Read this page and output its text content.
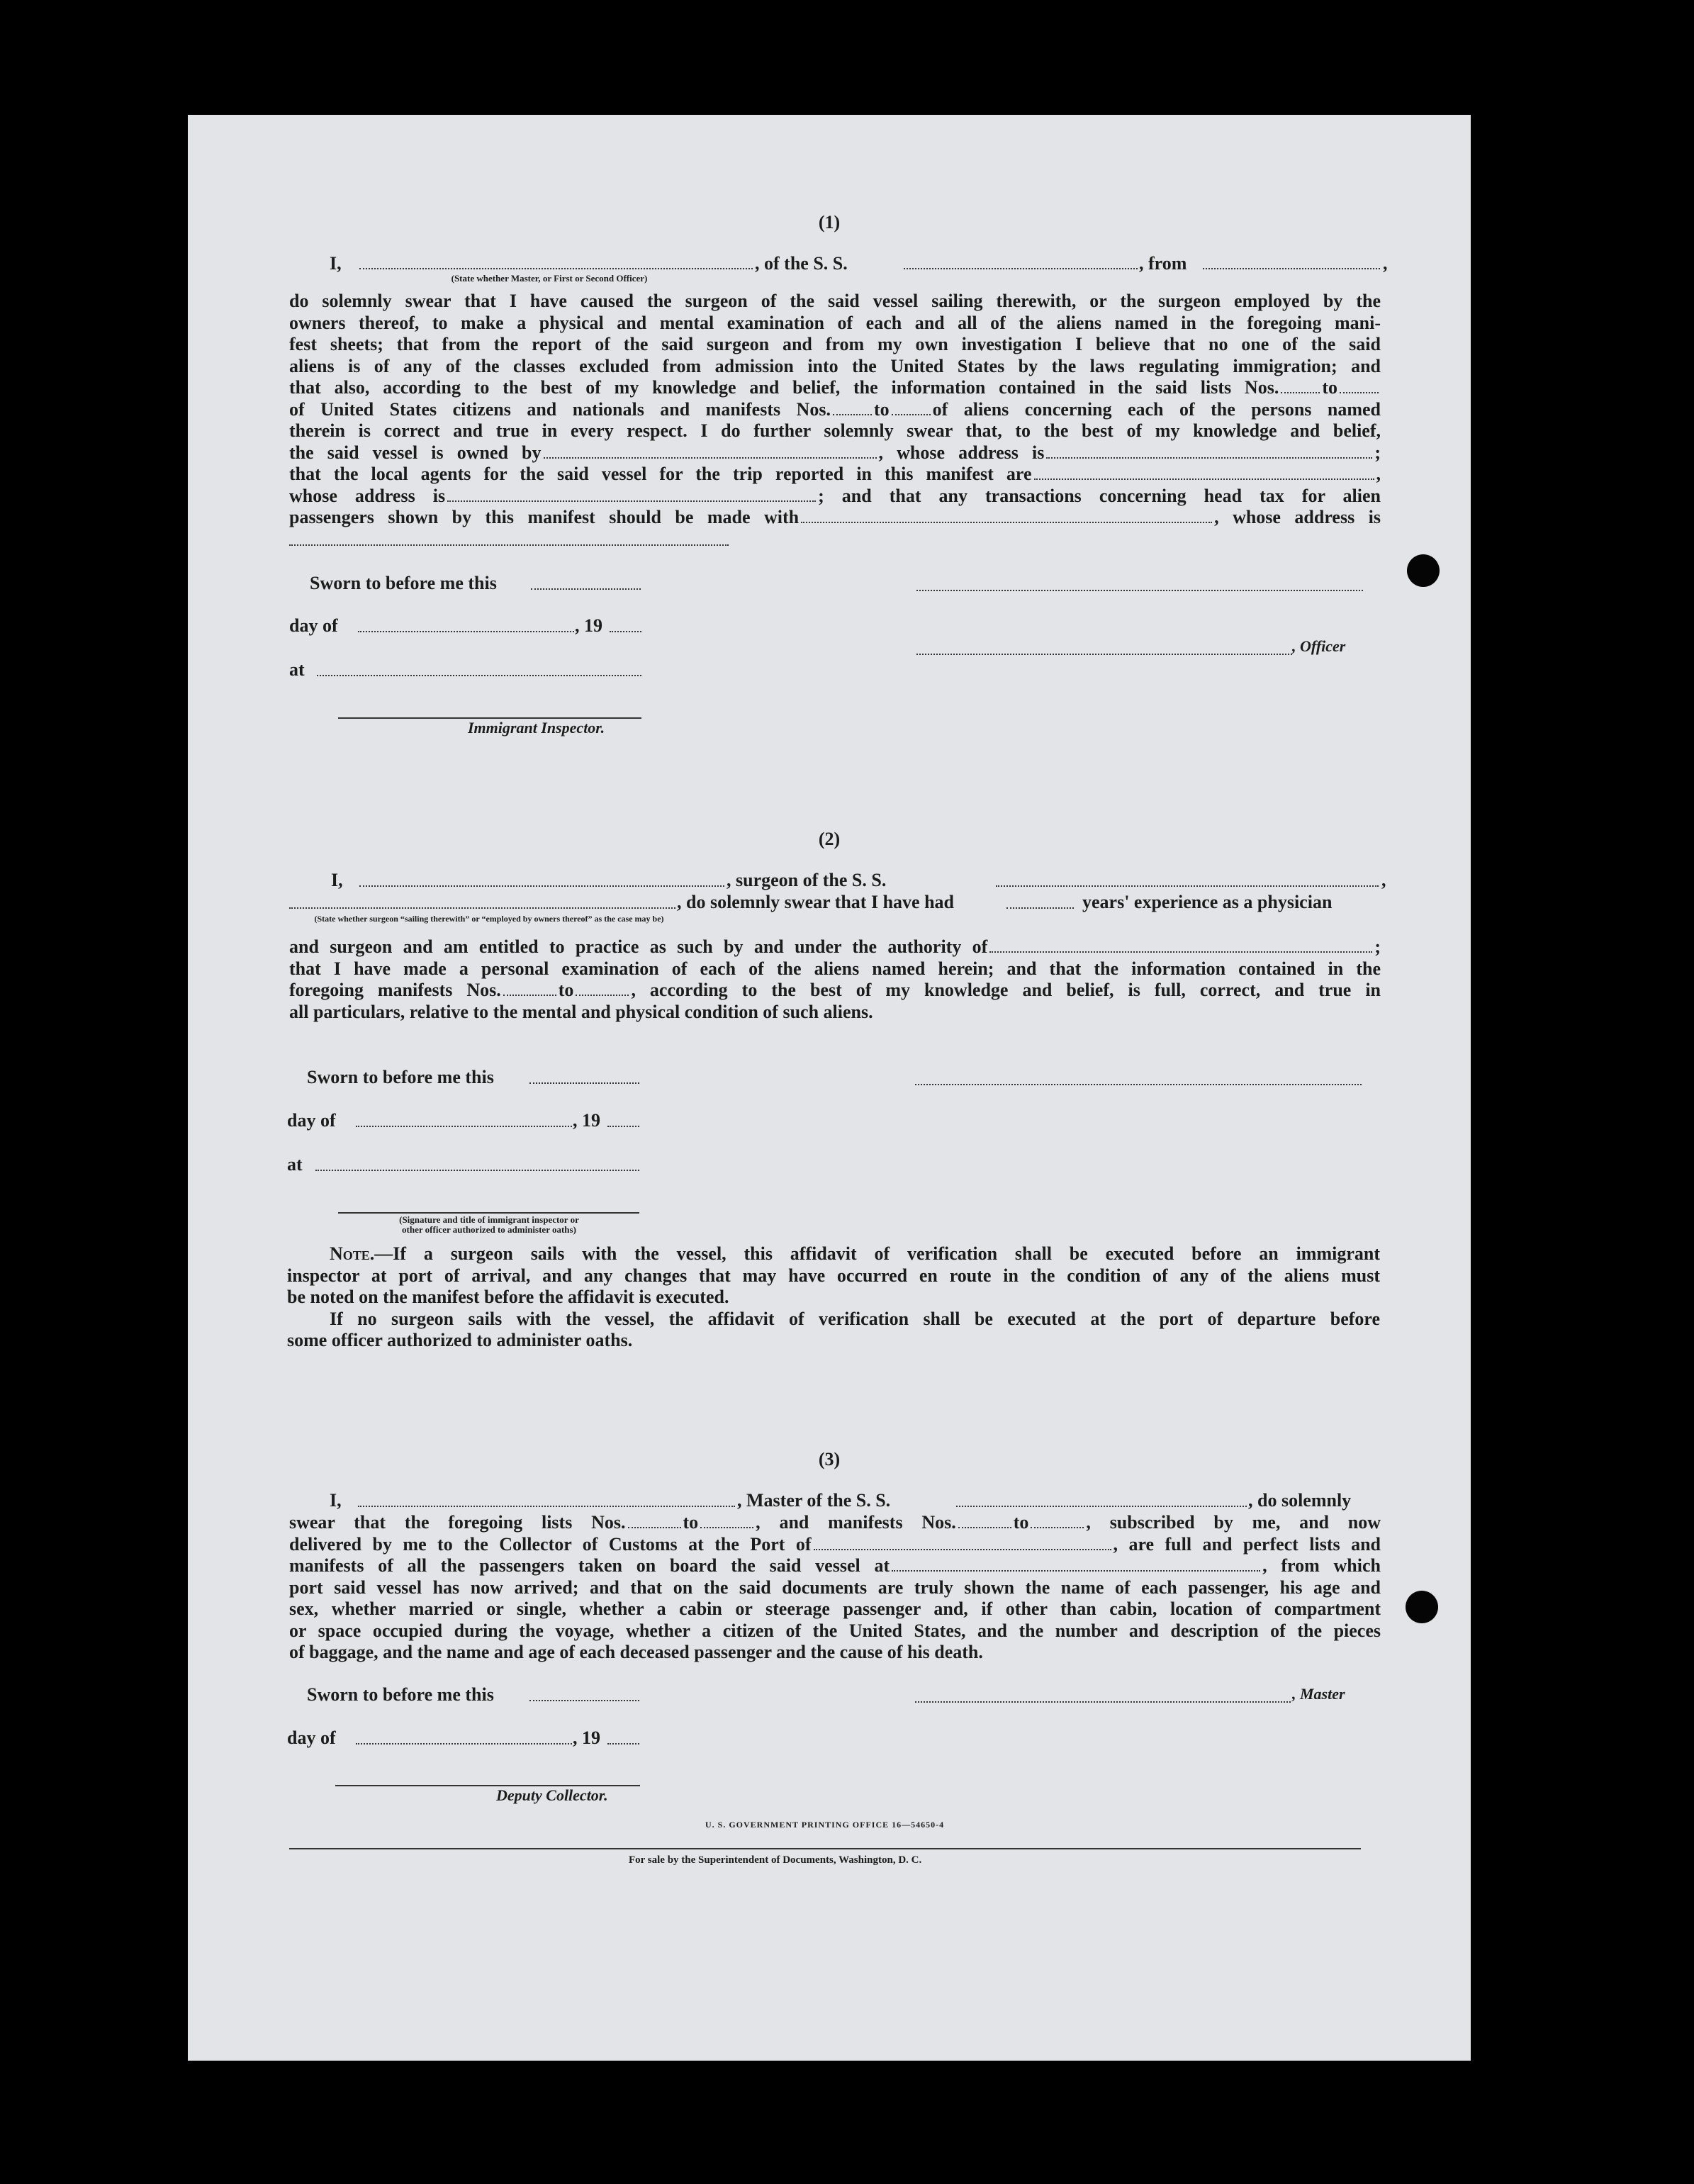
(1)
I,	, of the S. S.	, from	,
(State whether Master, or First or Second Officer)

do solemnly swear that I have caused the surgeon of the said vessel sailing therewith, or the surgeon employed by the

owners thereof, to make a physical and mental examination of each and all of the aliens named in the foregoing mani-

fest sheets; that from the report of the said surgeon and from my own investigation I believe that no one of the said

aliens is of any of the classes excluded from admission into the United States by the laws regulating immigration; and

that also, according to the best of my knowledge and belief, the information contained in the said lists Nos. to

of United States citizens and nationals and manifests Nos. to of aliens concerning each of the persons named

therein is correct and true in every respect. I do further solemnly swear that, to the best of my knowledge and belief,

the said vessel is owned by	, whose address is	;

that the local agents for the said vessel for the trip reported in this manifest are	,

whose address is	; and that any transactions concerning head tax for alien

passengers shown by this manifest should be made with	, whose address is

Sworn to before me this
day of	, 19
at
Immigrant Inspector.
, Officer
(2)
I,	, surgeon of the S. S.	,
, do solemnly swear that I have had	years' experience as a physician
(State whether surgeon “sailing therewith” or “employed by owners thereof” as the case may be)

and surgeon and am entitled to practice as such by and under the authority of	;

that I have made a personal examination of each of the aliens named herein; and that the information contained in the

foregoing manifests Nos.	to	, according to the best of my knowledge and belief, is full, correct, and true in

all particulars, relative to the mental and physical condition of such aliens.

Sworn to before me this
day of	, 19
at
(Signature and title of immigrant inspector or
other officer authorized to administer oaths)

Note.—If a surgeon sails with the vessel, this affidavit of verification shall be executed before an immigrant

inspector at port of arrival, and any changes that may have occurred en route in the condition of any of the aliens must

be noted on the manifest before the affidavit is executed.

If no surgeon sails with the vessel, the affidavit of verification shall be executed at the port of departure before

some officer authorized to administer oaths.

(3)
I,	, Master of the S. S.	, do solemnly

swear that the foregoing lists Nos.	to	, and manifests Nos.	to	, subscribed by me, and now

delivered by me to the Collector of Customs at the Port of	, are full and perfect lists and

manifests of all the passengers taken on board the said vessel at	, from which

port said vessel has now arrived; and that on the said documents are truly shown the name of each passenger, his age and

sex, whether married or single, whether a cabin or steerage passenger and, if other than cabin, location of compartment

or space occupied during the voyage, whether a citizen of the United States, and the number and description of the pieces

of baggage, and the name and age of each deceased passenger and the cause of his death.

Sworn to before me this	, Master
day of	, 19
Deputy Collector.
U. S. GOVERNMENT PRINTING OFFICE 16—54650-4
For sale by the Superintendent of Documents, Washington, D. C.
